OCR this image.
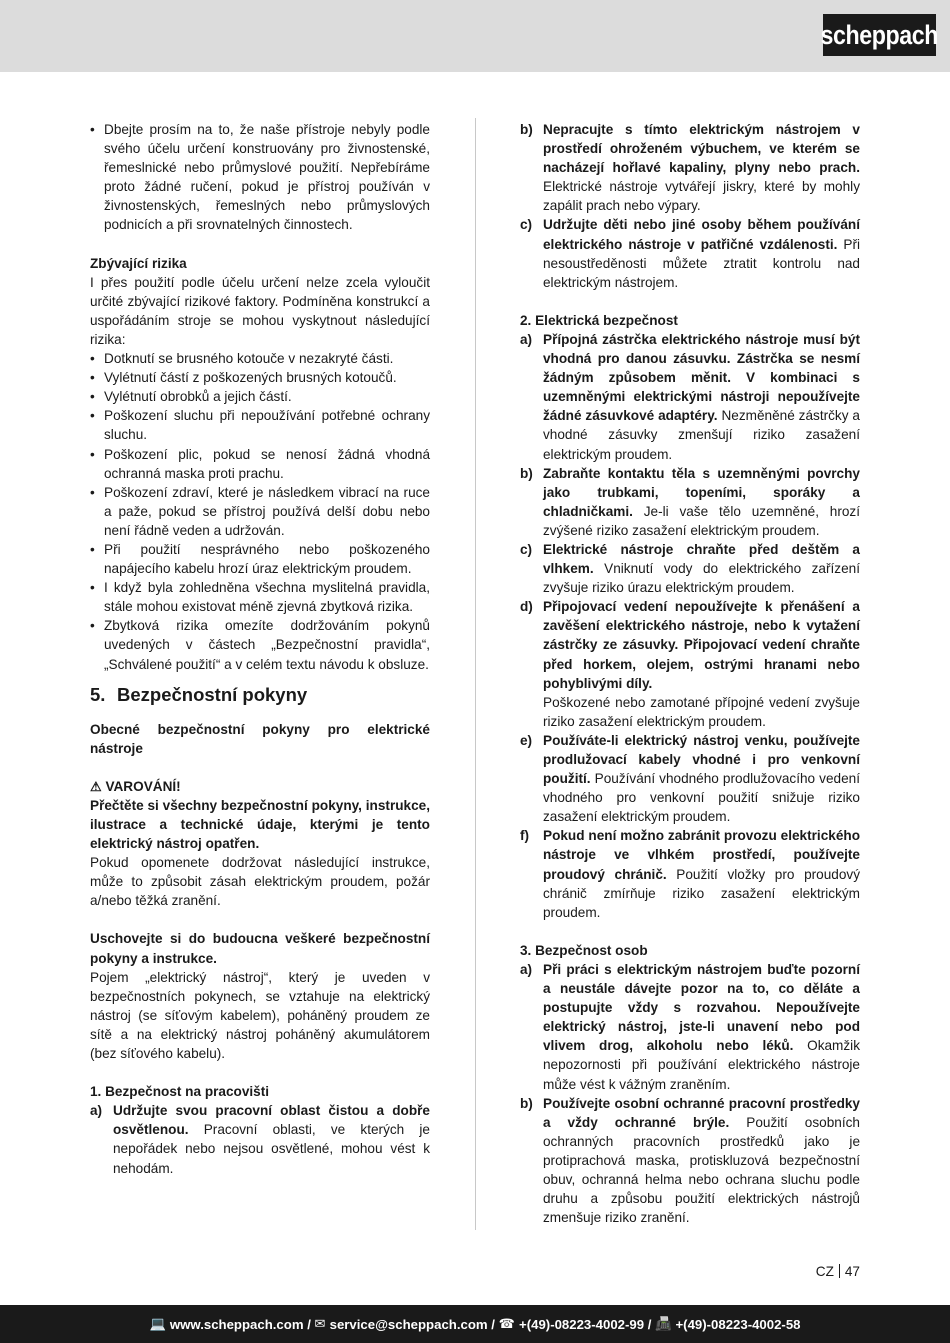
scheppach

• Dbejte prosím na to, že naše přístroje nebyly podle svého účelu určení konstruovány pro živnostenské, řemeslnické nebo průmyslové použití. Nepřebíráme proto žádné ručení, pokud je přístroj používán v živnostenských, řemeslných nebo průmyslových podnicích a při srovnatelných činnostech.

Zbývající rizika

I přes použití podle účelu určení nelze zcela vyloučit určité zbývající rizikové faktory. Podmíněna konstrukcí a uspořádáním stroje se mohou vyskytnout následující rizika:

• Dotknutí se brusného kotouče v nezakryté části.

• Vylétnutí částí z poškozených brusných kotoučů.

• Vylétnutí obrobků a jejich částí.

• Poškození sluchu při nepoužívání potřebné ochrany sluchu.

• Poškození plic, pokud se nenosí žádná vhodná ochranná maska proti prachu.

• Poškození zdraví, které je následkem vibrací na ruce a paže, pokud se přístroj používá delší dobu nebo není řádně veden a udržován.

• Při použití nesprávného nebo poškozeného napájecího kabelu hrozí úraz elektrickým proudem.

• I když byla zohledněna všechna myslitelná pravidla, stále mohou existovat méně zjevná zbytková rizika.

• Zbytková rizika omezíte dodržováním pokynů uvedených v částech „Bezpečnostní pravidla“, „Schválené použití“ a v celém textu návodu k obsluze.

5. Bezpečnostní pokyny

Obecné bezpečnostní pokyny pro elektrické nástroje

⚠ VAROVÁNÍ!

Přečtěte si všechny bezpečnostní pokyny, instrukce, ilustrace a technické údaje, kterými je tento elektrický nástroj opatřen.

Pokud opomenete dodržovat následující instrukce, může to způsobit zásah elektrickým proudem, požár a/nebo těžká zranění.

Uschovejte si do budoucna veškeré bezpečnostní pokyny a instrukce.

Pojem „elektrický nástroj“, který je uveden v bezpečnostních pokynech, se vztahuje na elektrický nástroj (se síťovým kabelem), poháněný proudem ze sítě a na elektrický nástroj poháněný akumulátorem (bez síťového kabelu).

1. Bezpečnost na pracovišti

a) Udržujte svou pracovní oblast čistou a dobře osvětlenou. Pracovní oblasti, ve kterých je nepořádek nebo nejsou osvětlené, mohou vést k nehodám.
b) Nepracujte s tímto elektrickým nástrojem v prostředí ohroženém výbuchem, ve kterém se nacházejí hořlavé kapaliny, plyny nebo prach. Elektrické nástroje vytvářejí jiskry, které by mohly zapálit prach nebo výpary.
c) Udržujte děti nebo jiné osoby během používání elektrického nástroje v patřičné vzdálenosti. Při nesoustředěnosti můžete ztratit kontrolu nad elektrickým nástrojem.

2. Elektrická bezpečnost

a) Přípojná zástrčka elektrického nástroje musí být vhodná pro danou zásuvku. Zástrčka se nesmí žádným způsobem měnit. V kombinaci s uzemněnými elektrickými nástroji nepoužívejte žádné zásuvkové adaptéry. Nezměněné zástrčky a vhodné zásuvky zmenšují riziko zasažení elektrickým proudem.
b) Zabraňte kontaktu těla s uzemněnými povrchy jako trubkami, topeními, sporáky a chladničkami. Je-li vaše tělo uzemněné, hrozí zvýšené riziko zasažení elektrickým proudem.
c) Elektrické nástroje chraňte před deštěm a vlhkem. Vniknutí vody do elektrického zařízení zvyšuje riziko úrazu elektrickým proudem.
d) Připojovací vedení nepoužívejte k přenášení a zavěšení elektrického nástroje, nebo k vytažení zástrčky ze zásuvky. Připojovací vedení chraňte před horkem, olejem, ostrými hranami nebo pohyblivými díly.
Poškozené nebo zamotané přípojné vedení zvyšuje riziko zasažení elektrickým proudem.
e) Používáte-li elektrický nástroj venku, používejte prodlužovací kabely vhodné i pro venkovní použití. Používání vhodného prodlužovacího vedení vhodného pro venkovní použití snižuje riziko zasažení elektrickým proudem.
f) Pokud není možno zabránit provozu elektrického nástroje ve vlhkém prostředí, používejte proudový chránič. Použití vložky pro proudový chránič zmírňuje riziko zasažení elektrickým proudem.

3. Bezpečnost osob

a) Při práci s elektrickým nástrojem buďte pozorní a neustále dávejte pozor na to, co děláte a postupujte vždy s rozvahou. Nepoužívejte elektrický nástroj, jste-li unavení nebo pod vlivem drog, alkoholu nebo léků. Okamžik nepozornosti při používání elektrického nástroje může vést k vážným zraněním.
b) Používejte osobní ochranné pracovní prostředky a vždy ochranné brýle. Použití osobních ochranných pracovních prostředků jako je protiprachová maska, protiskluzová bezpečnostní obuv, ochranná helma nebo ochrana sluchu podle druhu a způsobu použití elektrických nástrojů zmenšuje riziko zranění.
CZ 47
💻 www.scheppach.com / ✉ service@scheppach.com / ☎ +(49)-08223-4002-99 / 📠 +(49)-08223-4002-58
